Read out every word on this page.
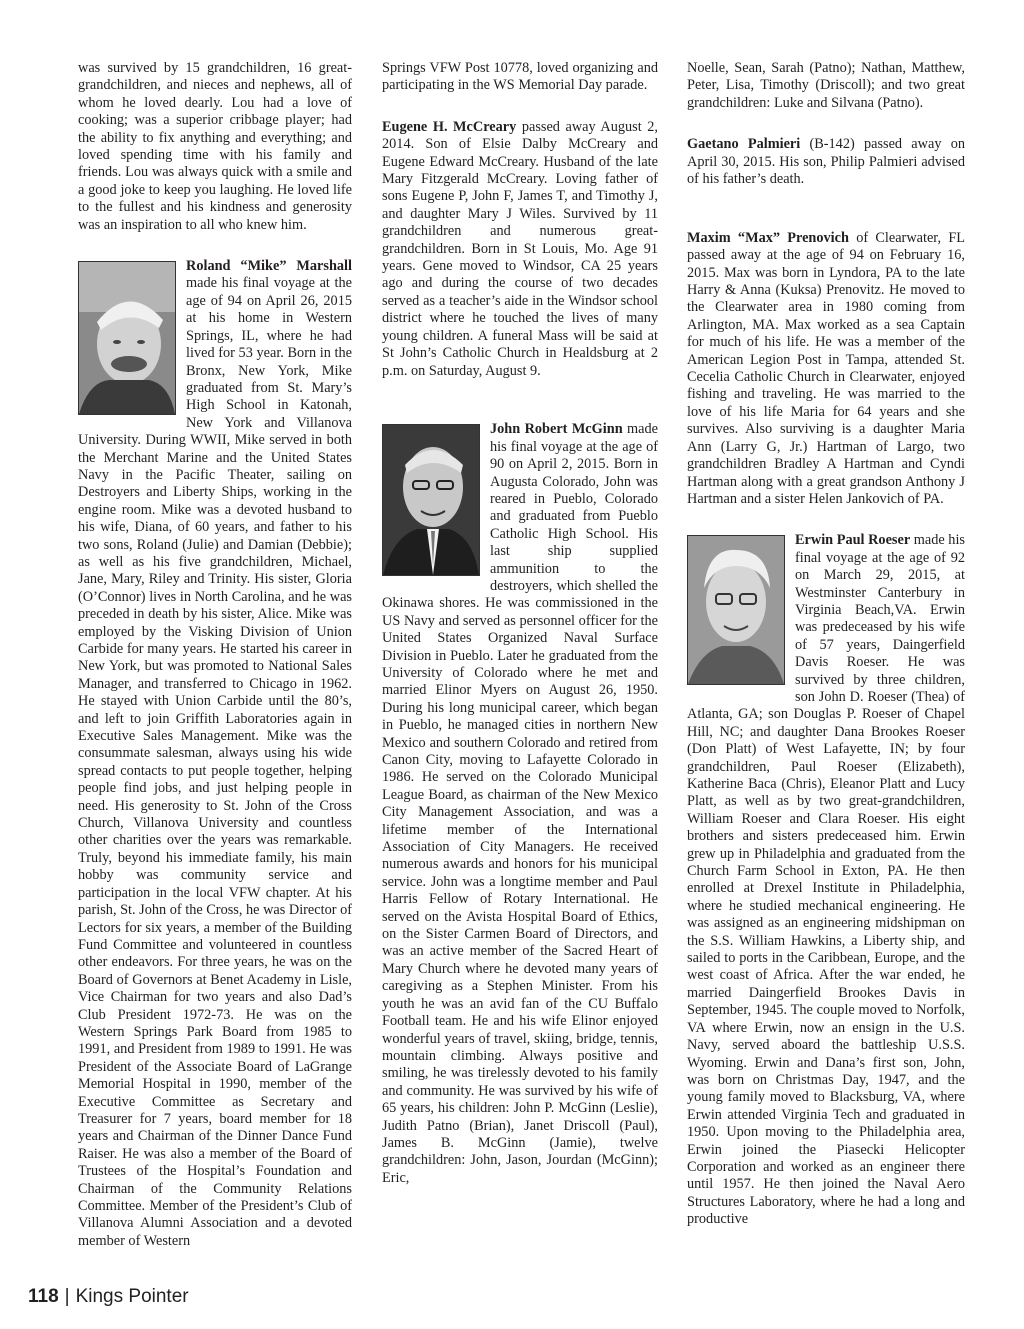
was survived by 15 grandchildren, 16 great-grandchildren, and nieces and nephews, all of whom he loved dearly. Lou had a love of cooking; was a superior cribbage player; had the ability to fix anything and everything; and loved spending time with his family and friends. Lou was always quick with a smile and a good joke to keep you laughing. He loved life to the fullest and his kindness and generosity was an inspiration to all who knew him.

Roland “Mike” Marshall made his final voyage at the age of 94 on April 26, 2015 at his home in Western Springs, IL, where he had lived for 53 year. Born in the Bronx, New York, Mike graduated from St. Mary’s High School in Katonah, New York and Villanova University. During WWII, Mike served in both the Merchant Marine and the United States Navy in the Pacific Theater, sailing on Destroyers and Liberty Ships, working in the engine room. Mike was a devoted husband to his wife, Diana, of 60 years, and father to his two sons, Roland (Julie) and Damian (Debbie); as well as his five grandchildren, Michael, Jane, Mary, Riley and Trinity. His sister, Gloria (O’Connor) lives in North Carolina, and he was preceded in death by his sister, Alice. Mike was employed by the Visking Division of Union Carbide for many years. He started his career in New York, but was promoted to National Sales Manager, and transferred to Chicago in 1962. He stayed with Union Carbide until the 80’s, and left to join Griffith Laboratories again in Executive Sales Management. Mike was the consummate salesman, always using his wide spread contacts to put people together, helping people find jobs, and just helping people in need. His generosity to St. John of the Cross Church, Villanova University and countless other charities over the years was remarkable. Truly, beyond his immediate family, his main hobby was community service and participation in the local VFW chapter. At his parish, St. John of the Cross, he was Director of Lectors for six years, a member of the Building Fund Committee and volunteered in countless other endeavors. For three years, he was on the Board of Governors at Benet Academy in Lisle, Vice Chairman for two years and also Dad’s Club President 1972-73. He was on the Western Springs Park Board from 1985 to 1991, and President from 1989 to 1991. He was President of the Associate Board of LaGrange Memorial Hospital in 1990, member of the Executive Committee as Secretary and Treasurer for 7 years, board member for 18 years and Chairman of the Dinner Dance Fund Raiser. He was also a member of the Board of Trustees of the Hospital’s Foundation and Chairman of the Community Relations Committee. Member of the President’s Club of Villanova Alumni Association and a devoted member of Western

Springs VFW Post 10778, loved organizing and participating in the WS Memorial Day parade.

Eugene H. McCreary passed away August 2, 2014. Son of Elsie Dalby McCreary and Eugene Edward McCreary. Husband of the late Mary Fitzgerald McCreary. Loving father of sons Eugene P, John F, James T, and Timothy J, and daughter Mary J Wiles. Survived by 11 grandchildren and numerous great-grandchildren. Born in St Louis, Mo. Age 91 years. Gene moved to Windsor, CA 25 years ago and during the course of two decades served as a teacher’s aide in the Windsor school district where he touched the lives of many young children. A funeral Mass will be said at St John’s Catholic Church in Healdsburg at 2 p.m. on Saturday, August 9.

John Robert McGinn made his final voyage at the age of 90 on April 2, 2015. Born in Augusta Colorado, John was reared in Pueblo, Colorado and graduated from Pueblo Catholic High School. His last ship supplied ammunition to the destroyers, which shelled the Okinawa shores. He was commissioned in the US Navy and served as personnel officer for the United States Organized Naval Surface Division in Pueblo. Later he graduated from the University of Colorado where he met and married Elinor Myers on August 26, 1950. During his long municipal career, which began in Pueblo, he managed cities in northern New Mexico and southern Colorado and retired from Canon City, moving to Lafayette Colorado in 1986. He served on the Colorado Municipal League Board, as chairman of the New Mexico City Management Association, and was a lifetime member of the International Association of City Managers. He received numerous awards and honors for his municipal service. John was a longtime member and Paul Harris Fellow of Rotary International. He served on the Avista Hospital Board of Ethics, on the Sister Carmen Board of Directors, and was an active member of the Sacred Heart of Mary Church where he devoted many years of caregiving as a Stephen Minister. From his youth he was an avid fan of the CU Buffalo Football team. He and his wife Elinor enjoyed wonderful years of travel, skiing, bridge, tennis, mountain climbing. Always positive and smiling, he was tirelessly devoted to his family and community. He was survived by his wife of 65 years, his children: John P. McGinn (Leslie), Judith Patno (Brian), Janet Driscoll (Paul), James B. McGinn (Jamie), twelve grandchildren: John, Jason, Jourdan (McGinn); Eric,

Noelle, Sean, Sarah (Patno); Nathan, Matthew, Peter, Lisa, Timothy (Driscoll); and two great grandchildren: Luke and Silvana (Patno).

Gaetano Palmieri (B-142) passed away on April 30, 2015. His son, Philip Palmieri advised of his father’s death.

Maxim “Max” Prenovich of Clearwater, FL passed away at the age of 94 on February 16, 2015. Max was born in Lyndora, PA to the late Harry & Anna (Kuksa) Prenovitz. He moved to the Clearwater area in 1980 coming from Arlington, MA. Max worked as a sea Captain for much of his life. He was a member of the American Legion Post in Tampa, attended St. Cecelia Catholic Church in Clearwater, enjoyed fishing and traveling. He was married to the love of his life Maria for 64 years and she survives. Also surviving is a daughter Maria Ann (Larry G, Jr.) Hartman of Largo, two grandchildren Bradley A Hartman and Cyndi Hartman along with a great grandson Anthony J Hartman and a sister Helen Jankovich of PA.

Erwin Paul Roeser made his final voyage at the age of 92 on March 29, 2015, at Westminster Canterbury in Virginia Beach,VA. Erwin was predeceased by his wife of 57 years, Daingerfield Davis Roeser. He was survived by three children, son John D. Roeser (Thea) of Atlanta, GA; son Douglas P. Roeser of Chapel Hill, NC; and daughter Dana Brookes Roeser (Don Platt) of West Lafayette, IN; by four grandchildren, Paul Roeser (Elizabeth), Katherine Baca (Chris), Eleanor Platt and Lucy Platt, as well as by two great-grandchildren, William Roeser and Clara Roeser. His eight brothers and sisters predeceased him. Erwin grew up in Philadelphia and graduated from the Church Farm School in Exton, PA. He then enrolled at Drexel Institute in Philadelphia, where he studied mechanical engineering. He was assigned as an engineering midshipman on the S.S. William Hawkins, a Liberty ship, and sailed to ports in the Caribbean, Europe, and the west coast of Africa. After the war ended, he married Daingerfield Brookes Davis in September, 1945. The couple moved to Norfolk, VA where Erwin, now an ensign in the U.S. Navy, served aboard the battleship U.S.S. Wyoming. Erwin and Dana’s first son, John, was born on Christmas Day, 1947, and the young family moved to Blacksburg, VA, where Erwin attended Virginia Tech and graduated in 1950. Upon moving to the Philadelphia area, Erwin joined the Piasecki Helicopter Corporation and worked as an engineer there until 1957. He then joined the Naval Aero Structures Laboratory, where he had a long and productive

118 | Kings Pointer
